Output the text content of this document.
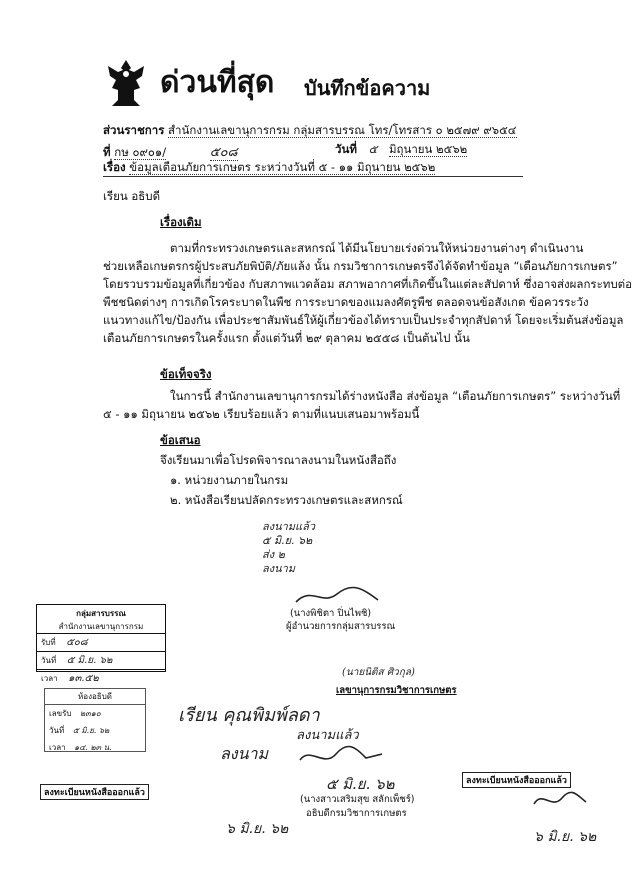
ด่วนที่สุด บันทึกข้อความ
ส่วนราชการ สำนักงานเลขานุการกรม กลุ่มสารบรรณ โทร/โทรสาร ๐ ๒๕๗๙ ๙๖๕๔
ที่ กษ ๐๙๐๑/	๕๐๘	วันที่ ๕ มิถุนายน ๒๕๖๒
เรื่อง ข้อมูลเตือนภัยการเกษตร ระหว่างวันที่ ๕ - ๑๑ มิถุนายน ๒๕๖๒
เรียน อธิบดี
เรื่องเดิม
ตามที่กระทรวงเกษตรและสหกรณ์ ได้มีนโยบายเร่งด่วนให้หน่วยงานต่างๆ ดำเนินงาน
ช่วยเหลือเกษตรกรผู้ประสบภัยพิบัติ/ภัยแล้ง นั้น กรมวิชาการเกษตรจึงได้จัดทำข้อมูล “เตือนภัยการเกษตร”
โดยรวบรวมข้อมูลที่เกี่ยวข้อง กับสภาพแวดล้อม สภาพอากาศที่เกิดขึ้นในแต่ละสัปดาห์ ซึ่งอาจส่งผลกระทบต่อ
พืชชนิดต่างๆ การเกิดโรคระบาดในพืช การระบาดของแมลงศัตรูพืช ตลอดจนข้อสังเกต ข้อควรระวัง
แนวทางแก้ไข/ป้องกัน เพื่อประชาสัมพันธ์ให้ผู้เกี่ยวข้องได้ทราบเป็นประจำทุกสัปดาห์ โดยจะเริ่มต้นส่งข้อมูล
เตือนภัยการเกษตรในครั้งแรก ตั้งแต่วันที่ ๒๙ ตุลาคม ๒๕๕๘ เป็นต้นไป นั้น
ข้อเท็จจริง
ในการนี้ สำนักงานเลขานุการกรมได้ร่างหนังสือ ส่งข้อมูล “เตือนภัยการเกษตร” ระหว่างวันที่
๕ - ๑๑ มิถุนายน ๒๕๖๒ เรียบร้อยแล้ว ตามที่แนบเสนอมาพร้อมนี้
ข้อเสนอ
จึงเรียนมาเพื่อโปรดพิจารณาลงนามในหนังสือถึง
๑. หน่วยงานภายในกรม
๒. หนังสือเรียนปลัดกระทรวงเกษตรและสหกรณ์
ลงนามแล้ว
๕ มิ.ย. ๖๒
ส่ง ๒
ลงนาม
(นางพิชิตา ปิ่นไพชิ)
ผู้อำนวยการกลุ่มสารบรรณ
กลุ่มสารบรรณ
สำนักงานเลขานุการกรม
รับที่ ๕๐๘
วันที่ ๕ มิ.ย. ๖๒
เวลา ๑๓.๕๒
(นายนิติส ศิวกุล)
เลขานุการกรมวิชาการเกษตร
ห้องอธิบดี
เลขรับ ๒๓๑๐
วันที่ ๕ มิ.ย. ๖๒
เวลา ๑๔. ๒๓ น.
เรียน คุณพิมพ์ลดา
ลงนามแล้ว
ลงนาม
๕ มิ.ย. ๖๒
(นางสาวเสริมสุข สลักเพ็ชร์)
อธิบดีกรมวิชาการเกษตร
ลงทะเบียนหนังสือออกแล้ว
ลงทะเบียนหนังสือออกแล้ว
๖ มิ.ย. ๖๒	๖ มิ.ย. ๖๒
